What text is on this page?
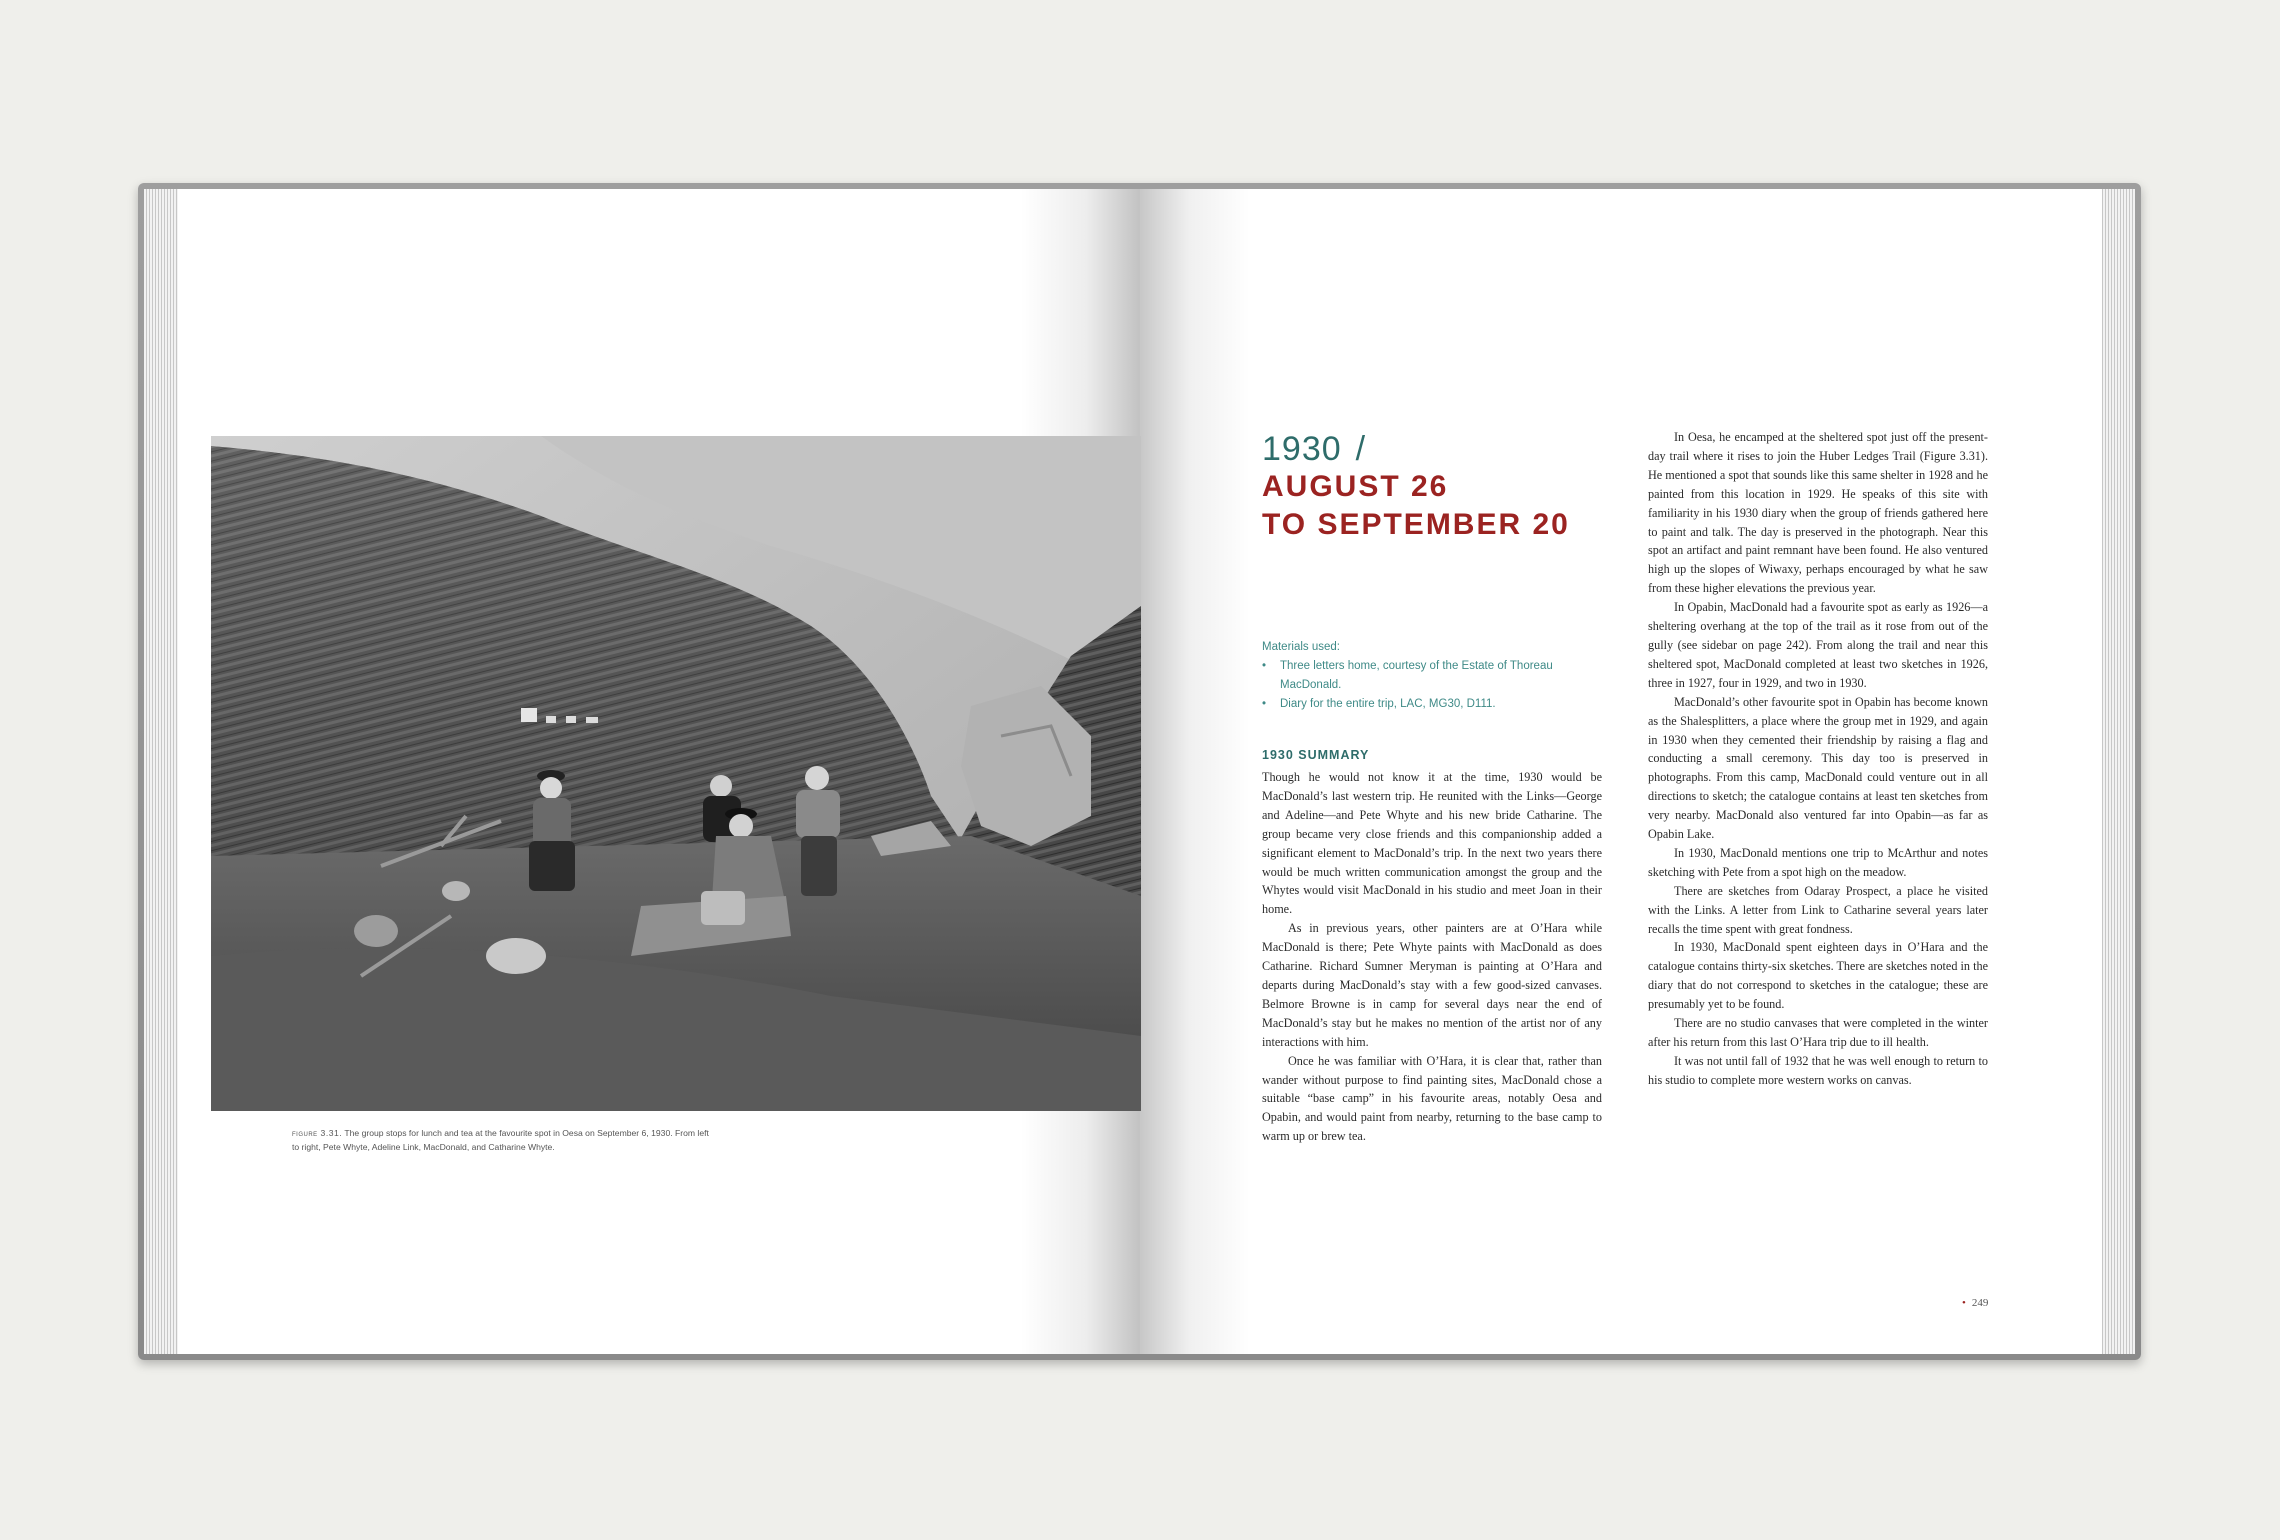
figure 3.31. The group stops for lunch and tea at the favourite spot in Oesa on September 6, 1930. From left to right, Pete Whyte, Adeline Link, MacDonald, and Catharine Whyte.
1930 /
AUGUST 26
TO SEPTEMBER 20
Materials used:
• Three letters home, courtesy of the Estate of Thoreau MacDonald.
• Diary for the entire trip, LAC, MG30, D111.
1930 SUMMARY

Though he would not know it at the time, 1930 would be MacDonald’s last western trip. He reunited with the Links—George and Adeline—and Pete Whyte and his new bride Catharine. The group became very close friends and this companionship added a significant element to MacDonald’s trip. In the next two years there would be much written communication amongst the group and the Whytes would visit MacDonald in his studio and meet Joan in their home.

As in previous years, other painters are at O’Hara while MacDonald is there; Pete Whyte paints with MacDonald as does Catharine. Richard Sumner Meryman is painting at O’Hara and departs during MacDonald’s stay with a few good-sized canvases. Belmore Browne is in camp for several days near the end of MacDonald’s stay but he makes no mention of the artist nor of any interactions with him.

Once he was familiar with O’Hara, it is clear that, rather than wander without purpose to find painting sites, MacDonald chose a suitable “base camp” in his favourite areas, notably Oesa and Opabin, and would paint from nearby, returning to the base camp to warm up or brew tea.

In Oesa, he encamped at the sheltered spot just off the present-day trail where it rises to join the Huber Ledges Trail (Figure 3.31). He mentioned a spot that sounds like this same shelter in 1928 and he painted from this location in 1929. He speaks of this site with familiarity in his 1930 diary when the group of friends gathered here to paint and talk. The day is preserved in the photograph. Near this spot an artifact and paint remnant have been found. He also ventured high up the slopes of Wiwaxy, perhaps encouraged by what he saw from these higher elevations the previous year.

In Opabin, MacDonald had a favourite spot as early as 1926—a sheltering overhang at the top of the trail as it rose from out of the gully (see sidebar on page 242). From along the trail and near this sheltered spot, MacDonald completed at least two sketches in 1926, three in 1927, four in 1929, and two in 1930.

MacDonald’s other favourite spot in Opabin has become known as the Shalesplitters, a place where the group met in 1929, and again in 1930 when they cemented their friendship by raising a flag and conducting a small ceremony. This day too is preserved in photographs. From this camp, MacDonald could venture out in all directions to sketch; the catalogue contains at least ten sketches from very nearby. MacDonald also ventured far into Opabin—as far as Opabin Lake.

In 1930, MacDonald mentions one trip to McArthur and notes sketching with Pete from a spot high on the meadow.

There are sketches from Odaray Prospect, a place he visited with the Links. A letter from Link to Catharine several years later recalls the time spent with great fondness.

In 1930, MacDonald spent eighteen days in O’Hara and the catalogue contains thirty-six sketches. There are sketches noted in the diary that do not correspond to sketches in the catalogue; these are presumably yet to be found.

There are no studio canvases that were completed in the winter after his return from this last O’Hara trip due to ill health.

It was not until fall of 1932 that he was well enough to return to his studio to complete more western works on canvas.

• 249
